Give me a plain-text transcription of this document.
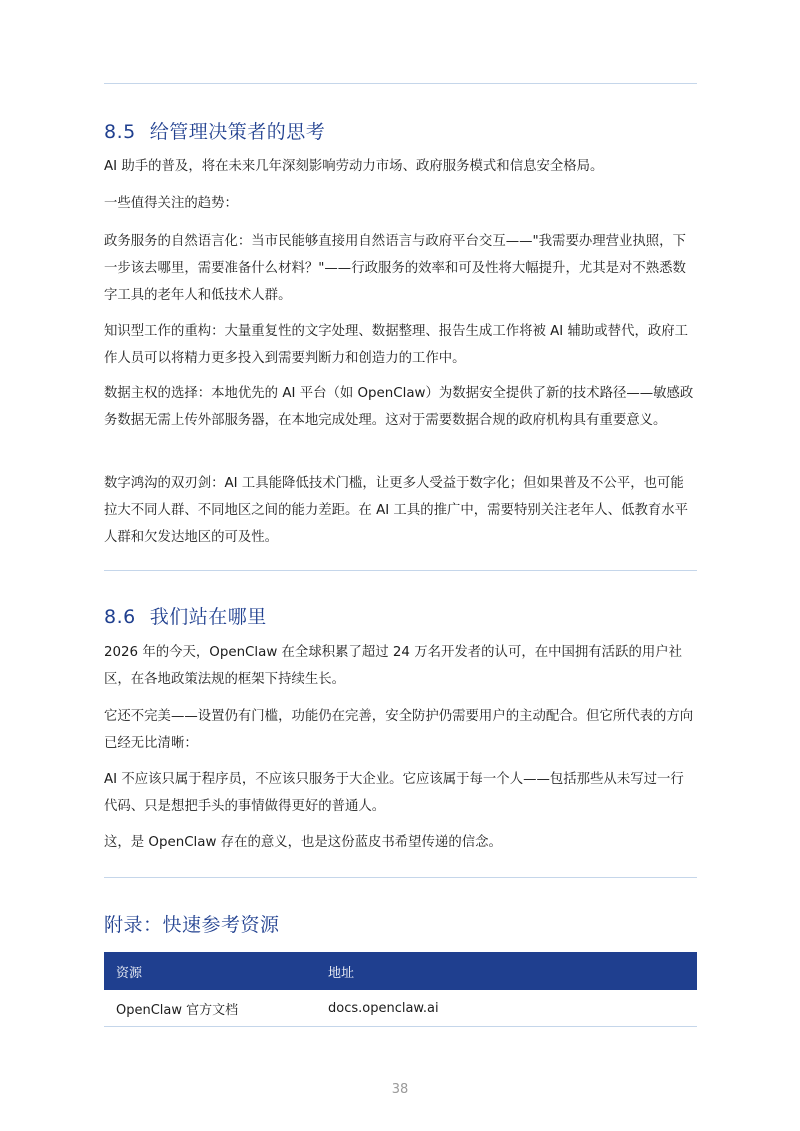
8.5 给管理决策者的思考

AI 助手的普及，将在未来几年深刻影响劳动力市场、政府服务模式和信息安全格局。

一些值得关注的趋势：

政务服务的自然语言化：当市民能够直接用自然语言与政府平台交互——"我需要办理营业执照，下一步该去哪里，需要准备什么材料？"——行政服务的效率和可及性将大幅提升，尤其是对不熟悉数字工具的老年人和低技术人群。

知识型工作的重构：大量重复性的文字处理、数据整理、报告生成工作将被 AI 辅助或替代，政府工作人员可以将精力更多投入到需要判断力和创造力的工作中。

数据主权的选择：本地优先的 AI 平台（如 OpenClaw）为数据安全提供了新的技术路径——敏感政务数据无需上传外部服务器，在本地完成处理。这对于需要数据合规的政府机构具有重要意义。

数字鸿沟的双刃剑：AI 工具能降低技术门槛，让更多人受益于数字化；但如果普及不公平，也可能拉大不同人群、不同地区之间的能力差距。在 AI 工具的推广中，需要特别关注老年人、低教育水平人群和欠发达地区的可及性。

8.6 我们站在哪里

2026 年的今天，OpenClaw 在全球积累了超过 24 万名开发者的认可，在中国拥有活跃的用户社区，在各地政策法规的框架下持续生长。

它还不完美——设置仍有门槛，功能仍在完善，安全防护仍需要用户的主动配合。但它所代表的方向已经无比清晰：

AI 不应该只属于程序员，不应该只服务于大企业。它应该属于每一个人——包括那些从未写过一行代码、只是想把手头的事情做得更好的普通人。

这，是 OpenClaw 存在的意义，也是这份蓝皮书希望传递的信念。

附录：快速参考资源
资源	地址
OpenClaw 官方文档	docs.openclaw.ai
38
